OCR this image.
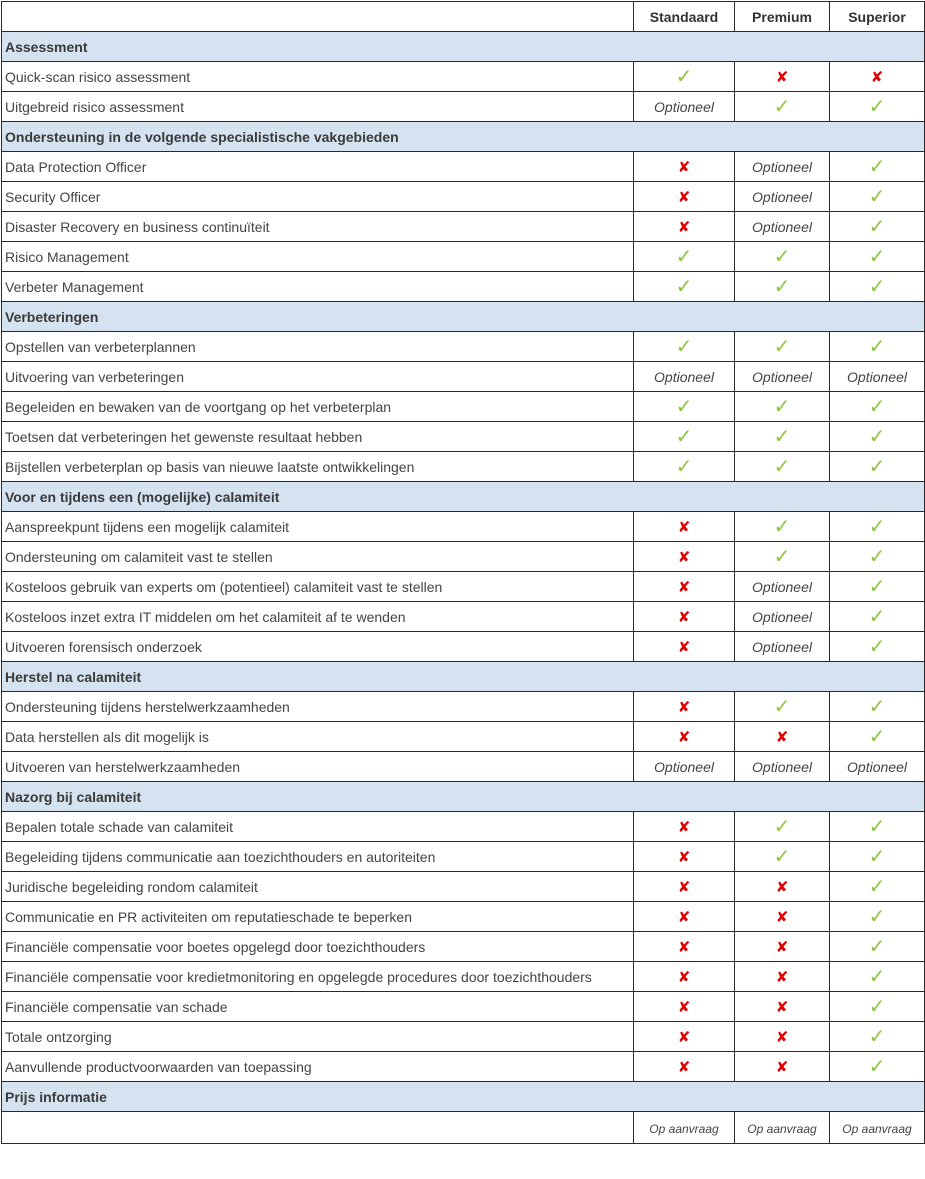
	Standaard	Premium	Superior
Assessment			
Quick-scan risico assessment	✓	✘	✘
Uitgebreid risico assessment	Optioneel	✓	✓
Ondersteuning in de volgende specialistische vakgebieden			
Data Protection Officer	✘	Optioneel	✓
Security Officer	✘	Optioneel	✓
Disaster Recovery en business continuïteit	✘	Optioneel	✓
Risico Management	✓	✓	✓
Verbeter Management	✓	✓	✓
Verbeteringen			
Opstellen van verbeterplannen	✓	✓	✓
Uitvoering van verbeteringen	Optioneel	Optioneel	Optioneel
Begeleiden en bewaken van de voortgang op het verbeterplan	✓	✓	✓
Toetsen dat verbeteringen het gewenste resultaat hebben	✓	✓	✓
Bijstellen verbeterplan op basis van nieuwe laatste ontwikkelingen	✓	✓	✓
Voor en tijdens een (mogelijke) calamiteit			
Aanspreekpunt tijdens een mogelijk calamiteit	✘	✓	✓
Ondersteuning om calamiteit vast te stellen	✘	✓	✓
Kosteloos gebruik van experts om (potentieel) calamiteit vast te stellen	✘	Optioneel	✓
Kosteloos inzet extra IT middelen om het calamiteit af te wenden	✘	Optioneel	✓
Uitvoeren forensisch onderzoek	✘	Optioneel	✓
Herstel na calamiteit			
Ondersteuning tijdens herstelwerkzaamheden	✘	✓	✓
Data herstellen als dit mogelijk is	✘	✘	✓
Uitvoeren van herstelwerkzaamheden	Optioneel	Optioneel	Optioneel
Nazorg bij calamiteit			
Bepalen totale schade van calamiteit	✘	✓	✓
Begeleiding tijdens communicatie aan toezichthouders en autoriteiten	✘	✓	✓
Juridische begeleiding rondom calamiteit	✘	✘	✓
Communicatie en PR activiteiten om reputatieschade te beperken	✘	✘	✓
Financiële compensatie voor boetes opgelegd door toezichthouders	✘	✘	✓
Financiële compensatie voor kredietmonitoring en opgelegde procedures door toezichthouders	✘	✘	✓
Financiële compensatie van schade	✘	✘	✓
Totale ontzorging	✘	✘	✓
Aanvullende productvoorwaarden van toepassing	✘	✘	✓
Prijs informatie			
	Op aanvraag	Op aanvraag	Op aanvraag
